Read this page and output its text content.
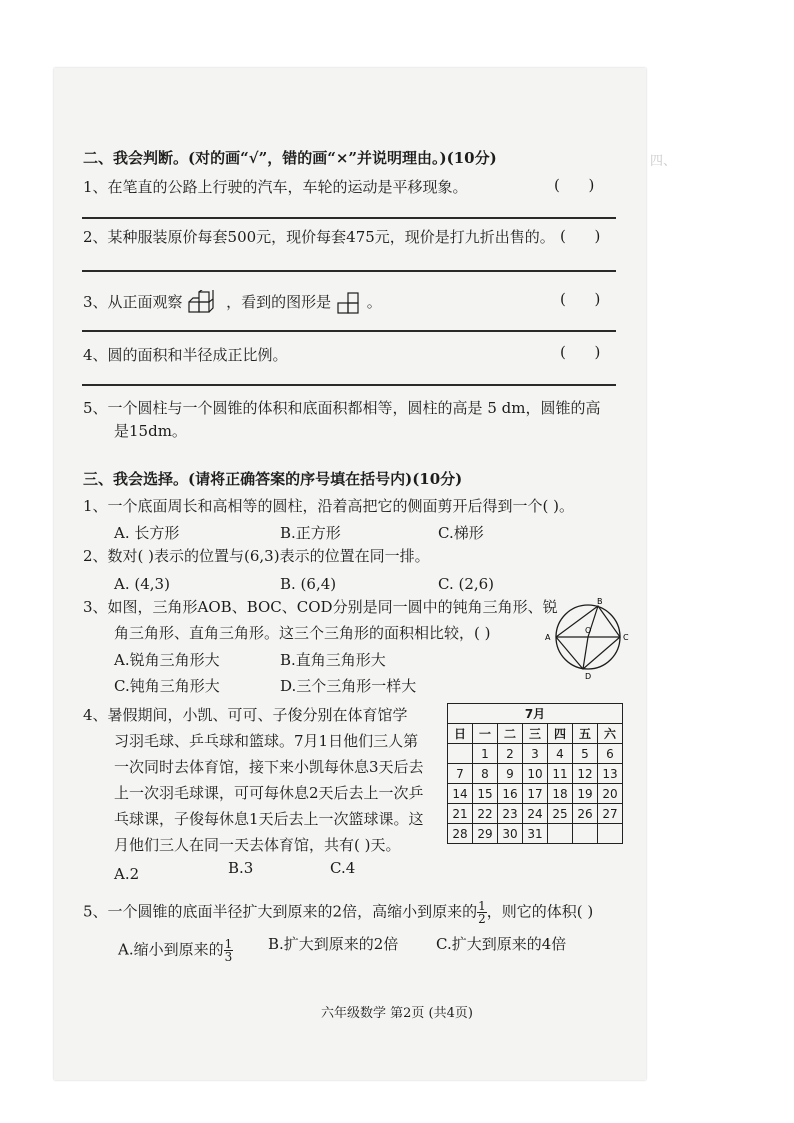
四、
二、我会判断。(对的画“√”，错的画“×”并说明理由。)(10分)
1、在笔直的公路上行驶的汽车，车轮的运动是平移现象。	(      )
2、某种服装原价每套500元，现价每套475元，现价是打九折出售的。 (      )
3、从正面观察	，看到的图形是 。	(      )
4、圆的面积和半径成正比例。	(      )
5、一个圆柱与一个圆锥的体积和底面积都相等，圆柱的高是 5 dm，圆锥的高
是15dm。
三、我会选择。(请将正确答案的序号填在括号内)(10分)
1、一个底面周长和高相等的圆柱，沿着高把它的侧面剪开后得到一个( )。
A. 长方形	B.正方形	C.梯形
2、数对( )表示的位置与(6,3)表示的位置在同一排。
A. (4,3)	B. (6,4)	C. (2,6)
3、如图，三角形AOB、BOC、COD分别是同一圆中的钝角三角形、锐
角三角形、直角三角形。这三个三角形的面积相比较，( )
A.锐角三角形大	B.直角三角形大
C.钝角三角形大	D.三个三角形一样大
A
B
C
D
O
4、暑假期间，小凯、可可、子俊分别在体育馆学
习羽毛球、乒乓球和篮球。7月1日他们三人第
一次同时去体育馆，接下来小凯每休息3天后去
上一次羽毛球课，可可每休息2天后去上一次乒
乓球课，子俊每休息1天后去上一次篮球课。这
月他们三人在同一天去体育馆，共有( )天。
A.2	B.3	C.4
7月						
日	一	二	三	四	五	六
	1	2	3	4	5	6
7	8	9	10	11	12	13
14	15	16	17	18	19	20
21	22	23	24	25	26	27
28	29	30	31			
5、一个圆锥的底面半径扩大到原来的2倍，高缩小到原来的 $\frac{1}{2}$ ，则它的体积( )
A.缩小到原来的 $\frac{1}{3} B$.扩大到原来的2倍	C.扩大到原来的4倍
六年级数学 第2页 (共4页)
